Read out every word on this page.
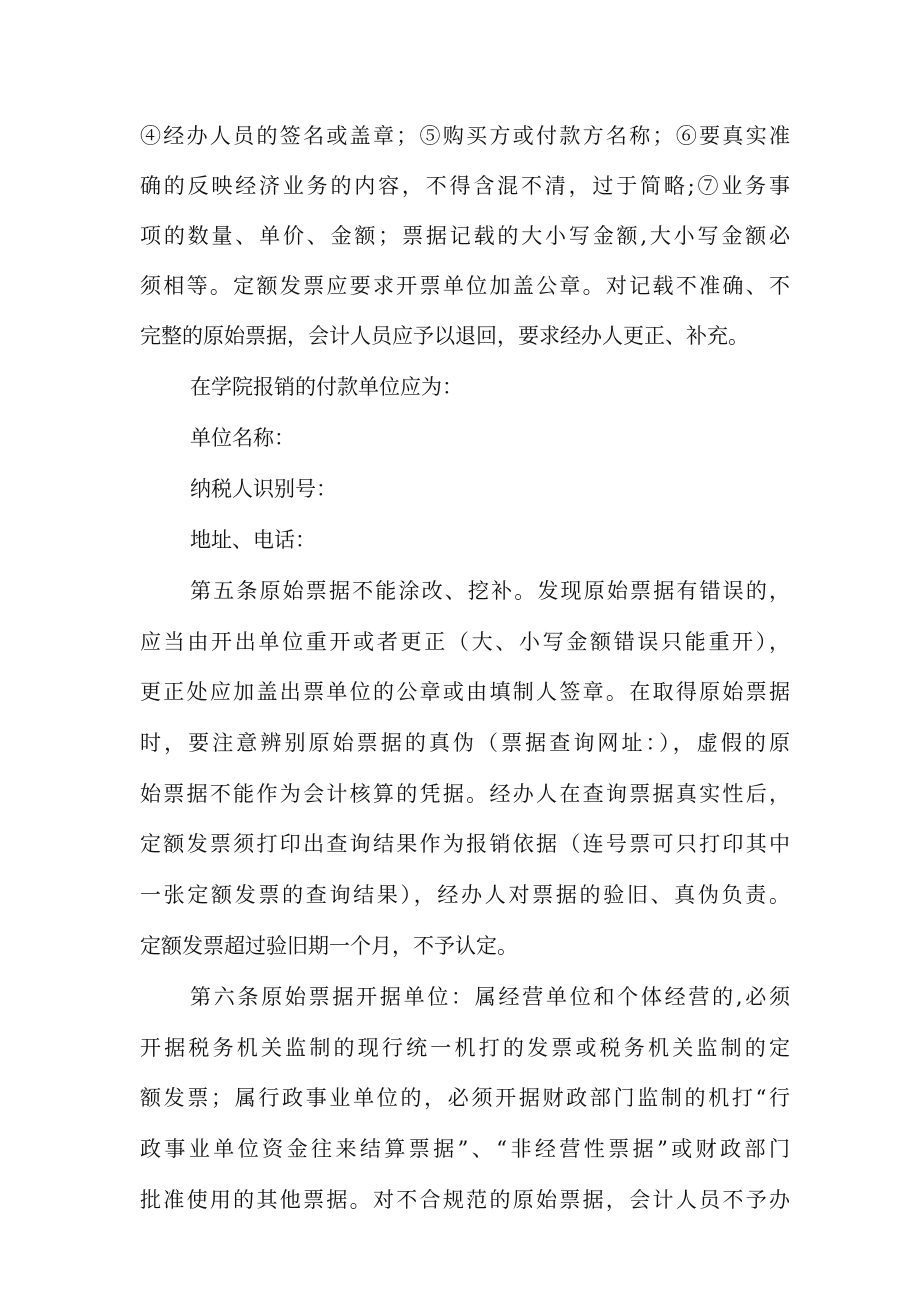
④经办人员的签名或盖章；⑤购买方或付款方名称；⑥要真实准
确的反映经济业务的内容，不得含混不清，过于简略;⑦业务事
项的数量、单价、金额；票据记载的大小写金额,大小写金额必
须相等。定额发票应要求开票单位加盖公章。对记载不准确、不
完整的原始票据，会计人员应予以退回，要求经办人更正、补充。
在学院报销的付款单位应为：
单位名称：
纳税人识别号：
地址、电话：
第五条原始票据不能涂改、挖补。发现原始票据有错误的，
应当由开出单位重开或者更正（大、小写金额错误只能重开），
更正处应加盖出票单位的公章或由填制人签章。在取得原始票据
时，要注意辨别原始票据的真伪（票据查询网址：），虚假的原
始票据不能作为会计核算的凭据。经办人在查询票据真实性后，
定额发票须打印出查询结果作为报销依据（连号票可只打印其中
一张定额发票的查询结果），经办人对票据的验旧、真伪负责。
定额发票超过验旧期一个月，不予认定。
第六条原始票据开据单位：属经营单位和个体经营的,必须
开据税务机关监制的现行统一机打的发票或税务机关监制的定
额发票；属行政事业单位的，必须开据财政部门监制的机打“行
政事业单位资金往来结算票据”、“非经营性票据”或财政部门
批准使用的其他票据。对不合规范的原始票据，会计人员不予办
